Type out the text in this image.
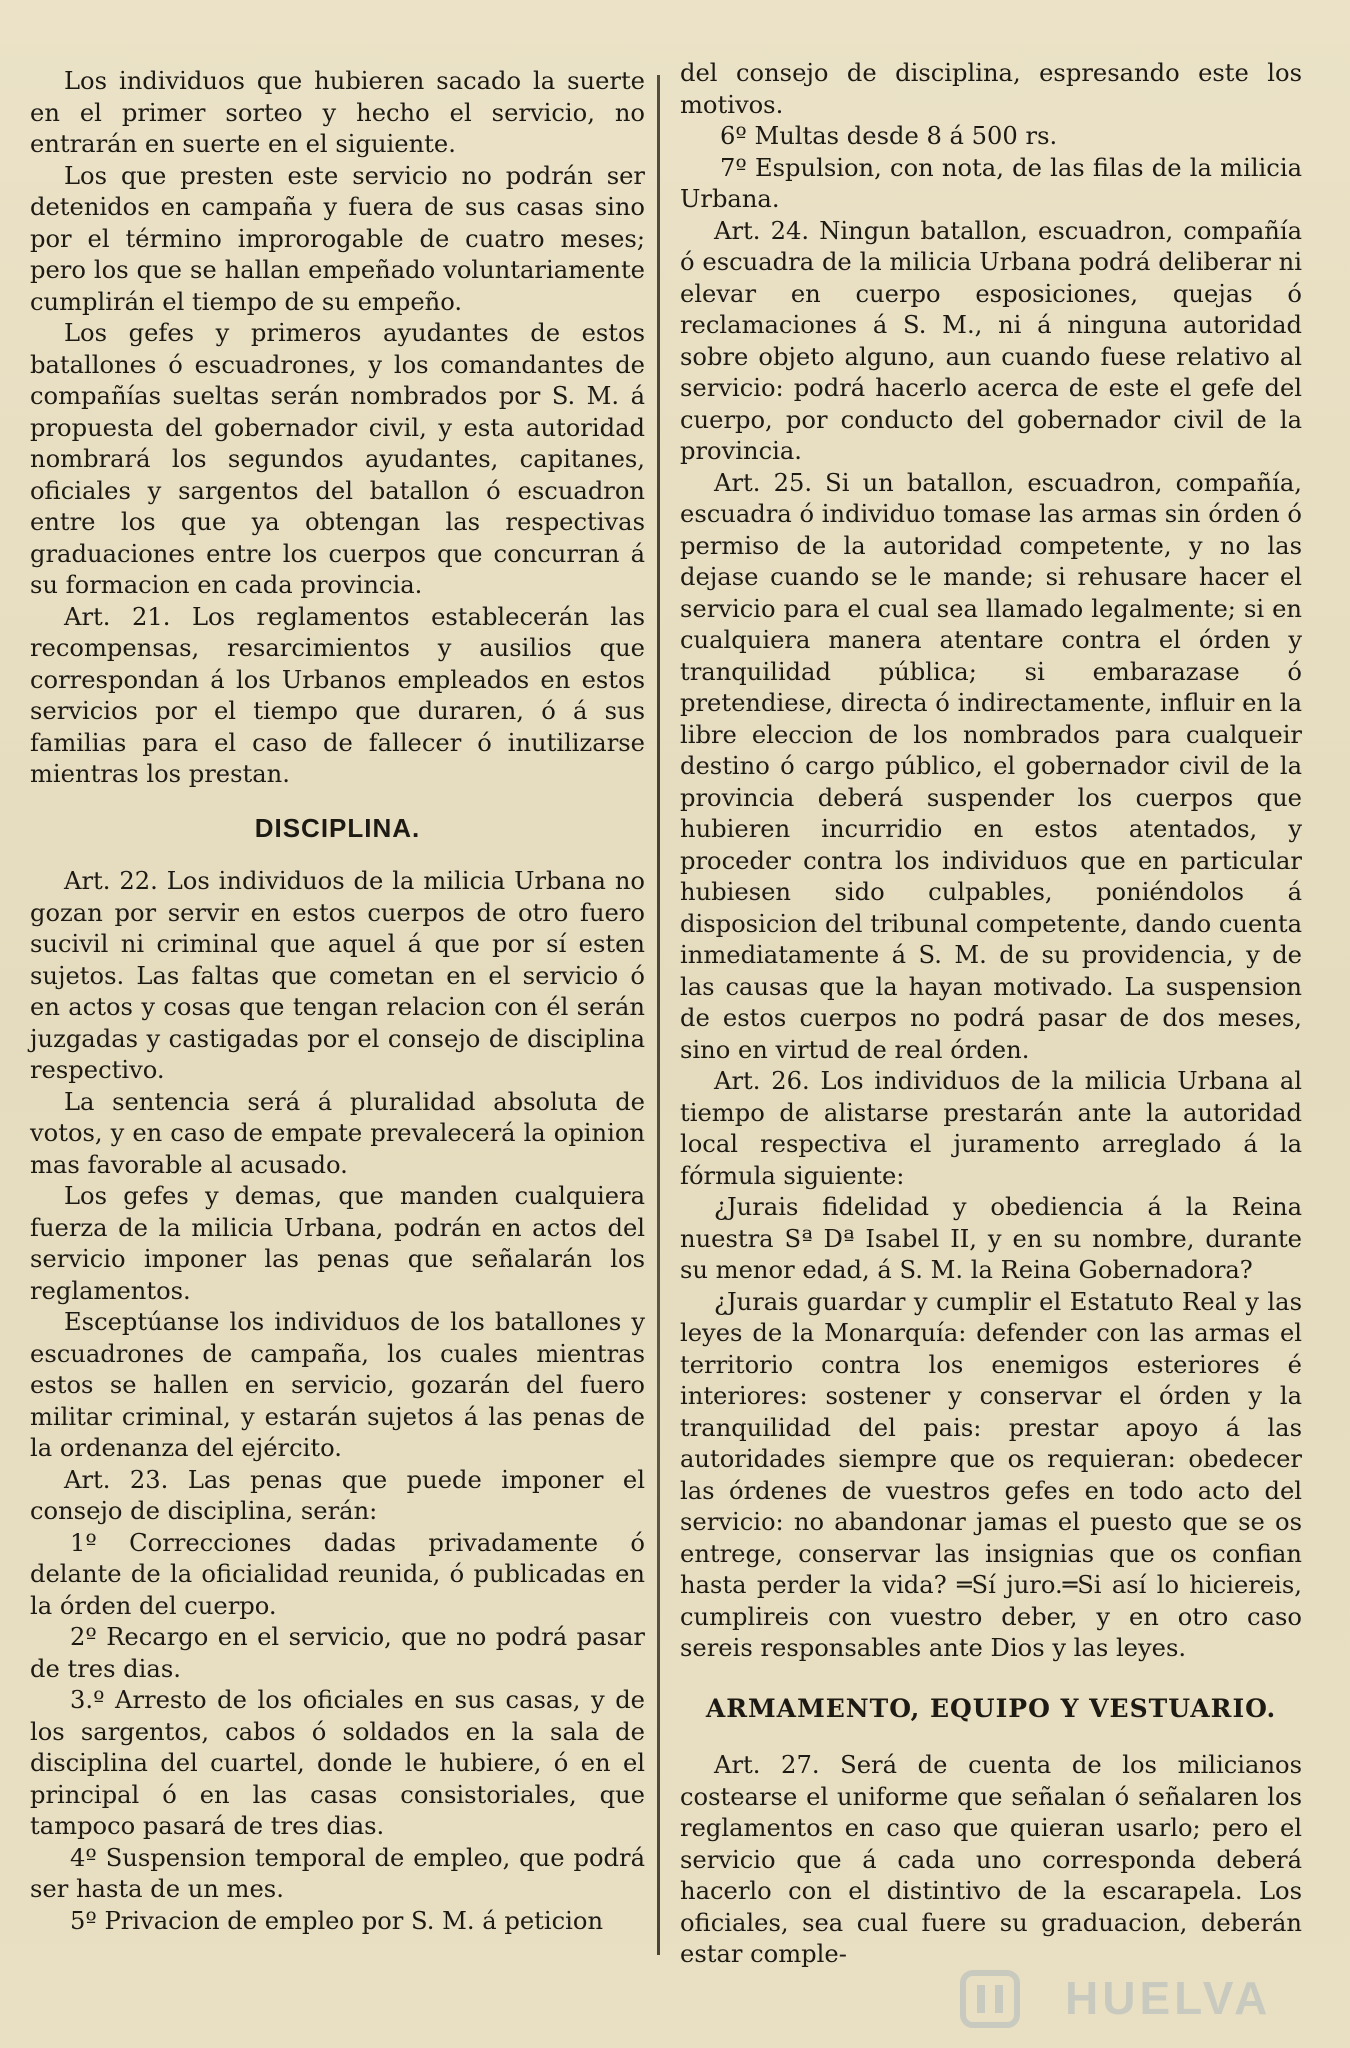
Los individuos que hubieren sacado la suerte en el primer sorteo y hecho el servicio, no entrarán en suerte en el siguiente.

Los que presten este servicio no podrán ser detenidos en campaña y fuera de sus casas sino por el término improrogable de cuatro meses; pero los que se hallan empeñado voluntariamente cumplirán el tiempo de su empeño.

Los gefes y primeros ayudantes de estos batallones ó escuadrones, y los comandantes de compañías sueltas serán nombrados por S. M. á propuesta del gobernador civil, y esta autoridad nombrará los segundos ayudantes, capitanes, oficiales y sargentos del batallon ó escuadron entre los que ya obtengan las respectivas graduaciones entre los cuerpos que concurran á su formacion en cada provincia.

Art. 21. Los reglamentos establecerán las recompensas, resarcimientos y ausilios que correspondan á los Urbanos empleados en estos servicios por el tiempo que duraren, ó á sus familias para el caso de fallecer ó inutilizarse mientras los prestan.

DISCIPLINA.

Art. 22. Los individuos de la milicia Urbana no gozan por servir en estos cuerpos de otro fuero sucivil ni criminal que aquel á que por sí esten sujetos. Las faltas que cometan en el servicio ó en actos y cosas que tengan relacion con él serán juzgadas y castigadas por el consejo de disciplina respectivo.

La sentencia será á pluralidad absoluta de votos, y en caso de empate prevalecerá la opinion mas favorable al acusado.

Los gefes y demas, que manden cualquiera fuerza de la milicia Urbana, podrán en actos del servicio imponer las penas que señalarán los reglamentos.

Esceptúanse los individuos de los batallones y escuadrones de campaña, los cuales mientras estos se hallen en servicio, gozarán del fuero militar criminal, y estarán sujetos á las penas de la ordenanza del ejército.

Art. 23. Las penas que puede imponer el consejo de disciplina, serán:

1º Correcciones dadas privadamente ó delante de la oficialidad reunida, ó publicadas en la órden del cuerpo.

2º Recargo en el servicio, que no podrá pasar de tres dias.

3.º Arresto de los oficiales en sus casas, y de los sargentos, cabos ó soldados en la sala de disciplina del cuartel, donde le hubiere, ó en el principal ó en las casas consistoriales, que tampoco pasará de tres dias.

4º Suspension temporal de empleo, que podrá ser hasta de un mes.

5º Privacion de empleo por S. M. á peticion

del consejo de disciplina, espresando este los motivos.

6º Multas desde 8 á 500 rs.

7º Espulsion, con nota, de las filas de la milicia Urbana.

Art. 24. Ningun batallon, escuadron, compañía ó escuadra de la milicia Urbana podrá deliberar ni elevar en cuerpo esposiciones, quejas ó reclamaciones á S. M., ni á ninguna autoridad sobre objeto alguno, aun cuando fuese relativo al servicio: podrá hacerlo acerca de este el gefe del cuerpo, por conducto del gobernador civil de la provincia.

Art. 25. Si un batallon, escuadron, compañía, escuadra ó individuo tomase las armas sin órden ó permiso de la autoridad competente, y no las dejase cuando se le mande; si rehusare hacer el servicio para el cual sea llamado legalmente; si en cualquiera manera atentare contra el órden y tranquilidad pública; si embarazase ó pretendiese, directa ó indirectamente, influir en la libre eleccion de los nombrados para cualqueir destino ó cargo público, el gobernador civil de la provincia deberá suspender los cuerpos que hubieren incurridio en estos atentados, y proceder contra los individuos que en particular hubiesen sido culpables, poniéndolos á disposicion del tribunal competente, dando cuenta inmediatamente á S. M. de su providencia, y de las causas que la hayan motivado. La suspension de estos cuerpos no podrá pasar de dos meses, sino en virtud de real órden.

Art. 26. Los individuos de la milicia Urbana al tiempo de alistarse prestarán ante la autoridad local respectiva el juramento arreglado á la fórmula siguiente:

¿Jurais fidelidad y obediencia á la Reina nuestra Sª Dª Isabel II, y en su nombre, durante su menor edad, á S. M. la Reina Gobernadora?

¿Jurais guardar y cumplir el Estatuto Real y las leyes de la Monarquía: defender con las armas el territorio contra los enemigos esteriores é interiores: sostener y conservar el órden y la tranquilidad del pais: prestar apoyo á las autoridades siempre que os requieran: obedecer las órdenes de vuestros gefes en todo acto del servicio: no abandonar jamas el puesto que se os entrege, conservar las insignias que os confian hasta perder la vida? ═Sí juro.═Si así lo hiciereis, cumplireis con vuestro deber, y en otro caso sereis responsables ante Dios y las leyes.

ARMAMENTO, EQUIPO Y VESTUARIO.

Art. 27. Será de cuenta de los milicianos costearse el uniforme que señalan ó señalaren los reglamentos en caso que quieran usarlo; pero el servicio que á cada uno corresponda deberá hacerlo con el distintivo de la escarapela. Los oficiales, sea cual fuere su graduacion, deberán estar comple-

HUELVA
